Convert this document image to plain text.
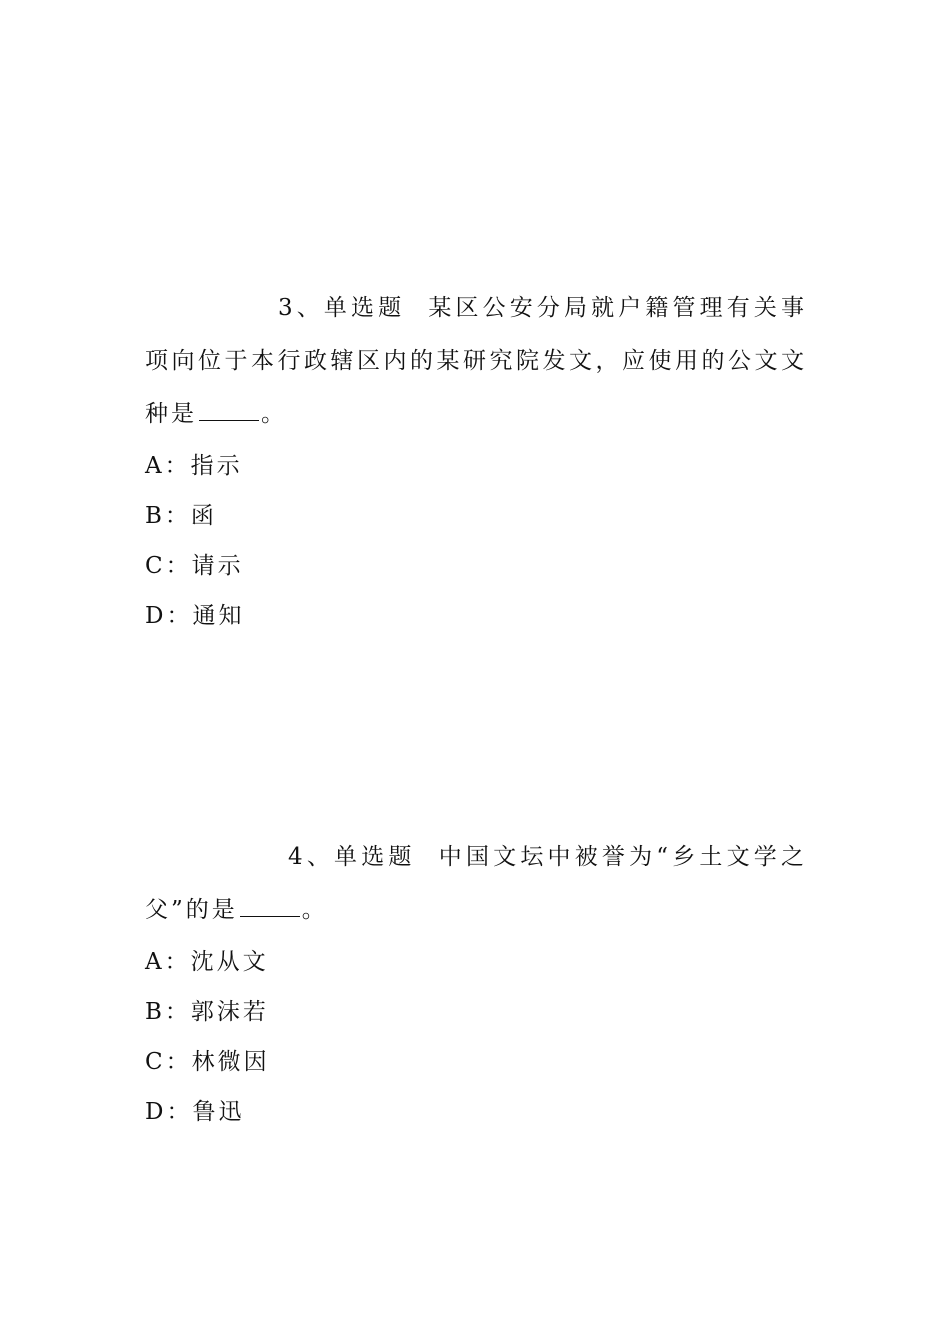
3、单选题 某区公安分局就户籍管理有关事项向位于本行政辖区内的某研究院发文，应使用的公文文种是	。

A：指示

B：函

C：请示

D：通知

4、单选题 中国文坛中被誉为“乡土文学之父”的是	。

A：沈从文

B：郭沫若

C：林微因

D：鲁迅
